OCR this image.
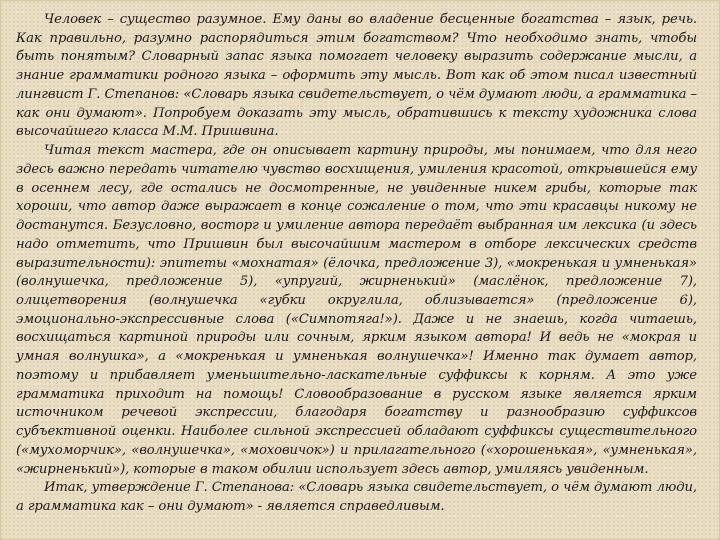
Человек – существо разумное. Ему даны во владение бесценные богатства – язык, речь. Как правильно, разумно распорядиться этим богатством? Что необходимо знать, чтобы быть понятым? Словарный запас языка помогает человеку выразить содержание мысли, а знание грамматики родного языка – оформить эту мысль. Вот как об этом писал известный лингвист Г. Степанов: «Словарь языка свидетельствует, о чём думают люди, а грамматика – как они думают». Попробуем доказать эту мысль, обратившись к тексту художника слова высочайшего класса М.М. Пришвина.

Читая текст мастера, где он описывает картину природы, мы понимаем, что для него здесь важно передать читателю чувство восхищения, умиления красотой, открывшейся ему в осеннем лесу, где остались не досмотренные, не увиденные никем грибы, которые так хороши, что автор даже выражает в конце сожаление о том, что эти красавцы никому не достанутся. Безусловно, восторг и умиление автора передаёт выбранная им лексика (и здесь надо отметить, что Пришвин был высочайшим мастером в отборе лексических средств выразительности): эпитеты «мохнатая» (ёлочка, предложение 3), «мокренькая и умненькая» (волнушечка, предложение 5), «упругий, жирненький» (маслёнок, предложение 7), олицетворения (волнушечка «губки округлила, облизывается» (предложение 6), эмоционально-экспрессивные слова («Симпотяга!»). Даже и не знаешь, когда читаешь, восхищаться картиной природы или сочным, ярким языком автора! И ведь не «мокрая и умная волнушка», а «мокренькая и умненькая волнушечка»! Именно так думает автор, поэтому и прибавляет уменьшительно-ласкательные суффиксы к корням. А это уже грамматика приходит на помощь! Словообразование в русском языке является ярким источником речевой экспрессии, благодаря богатству и разнообразию суффиксов субъективной оценки. Наиболее сильной экспрессией обладают суффиксы существительного («мухоморчик», «волнушечка», «моховичок») и прилагательного («хорошенькая», «умненькая», «жирненький»), которые в таком обилии использует здесь автор, умиляясь увиденным.

Итак, утверждение Г. Степанова: «Словарь языка свидетельствует, о чём думают люди, а грамматика как – они думают» - является справедливым.
